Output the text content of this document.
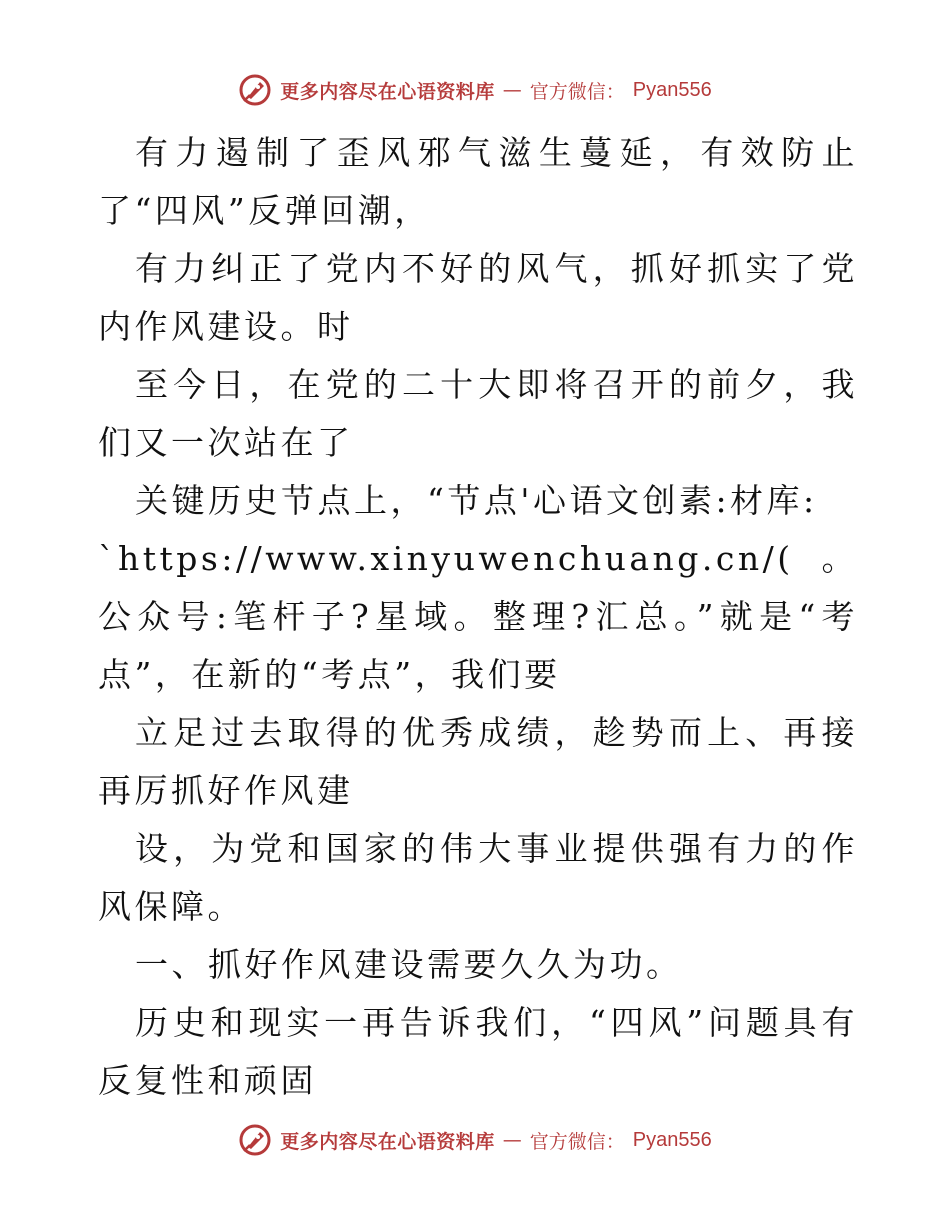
更多内容尽在心语资料库 — 官方微信： Pyan556

有力遏制了歪风邪气滋生蔓延，有效防止了“四风”反弹回潮，

有力纠正了党内不好的风气，抓好抓实了党内作风建设。时

至今日，在党的二十大即将召开的前夕，我们又一次站在了

关键历史节点上，“节点'心语文创素:材库:

`https://www.xinyuwenchuang.cn/(。公众号:笔杆子?星域。整理?汇总。”就是“考点”，在新的“考点”，我们要

立足过去取得的优秀成绩，趁势而上、再接再厉抓好作风建

设，为党和国家的伟大事业提供强有力的作风保障。

一、抓好作风建设需要久久为功。

历史和现实一再告诉我们，“四风”问题具有反复性和顽固

更多内容尽在心语资料库 — 官方微信： Pyan556
